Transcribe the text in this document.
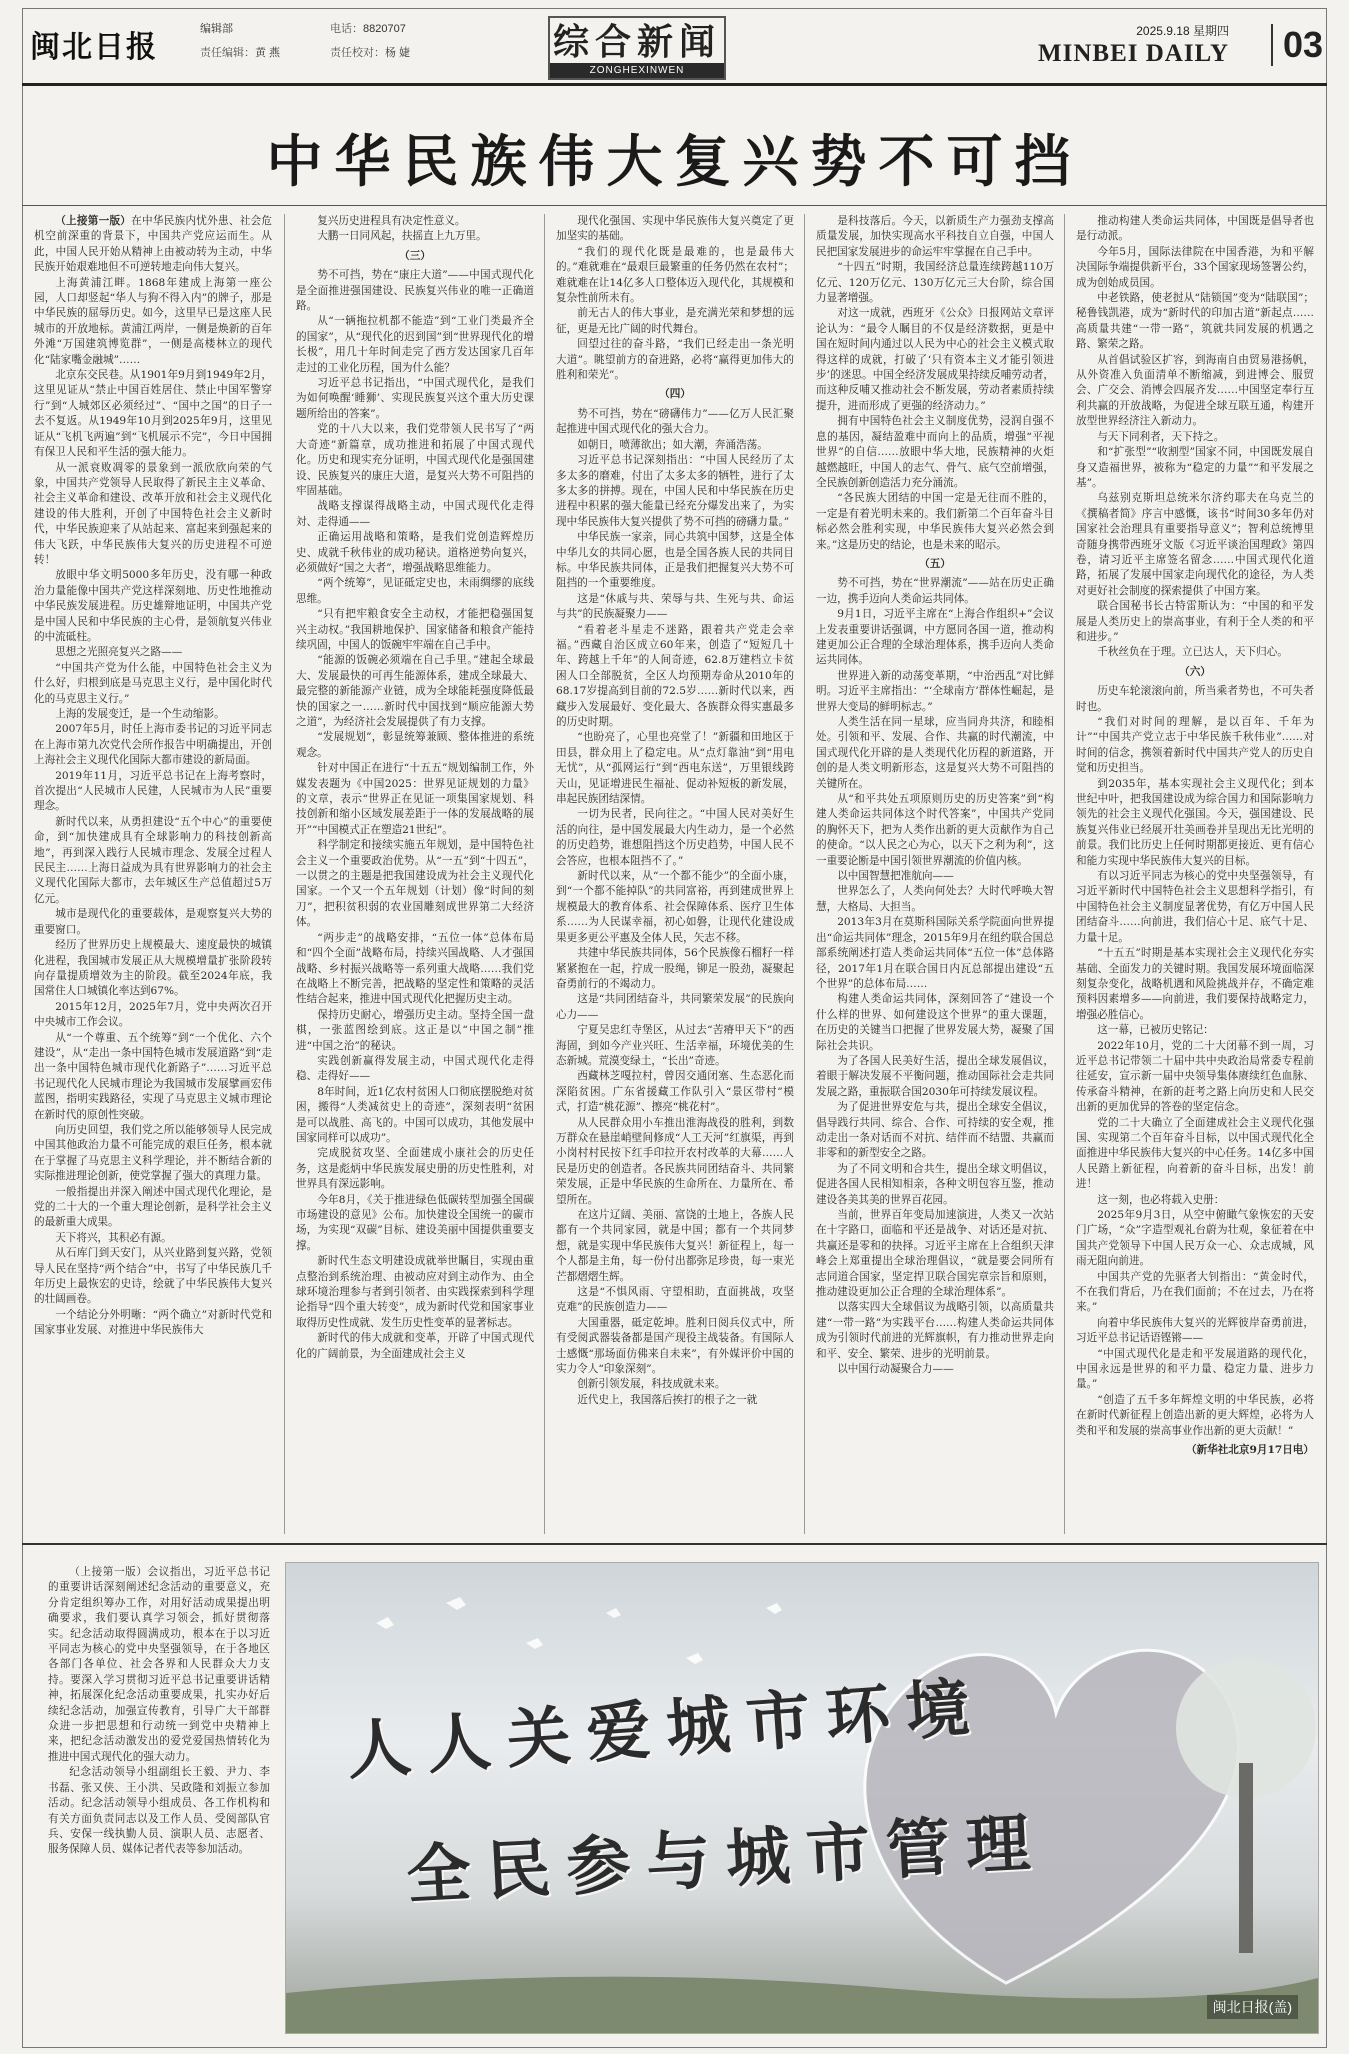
闽北日报
编辑部	电话：8820707
责任编辑：黄 燕	责任校对：杨 婕	综合新闻
ZONGHEXINWEN
2025.9.18 星期四
MINBEI DAILY	03
中华民族伟大复兴势不可挡

（上接第一版）在中华民族内忧外患、社会危机空前深重的背景下，中国共产党应运而生。从此，中国人民开始从精神上由被动转为主动，中华民族开始艰难地但不可逆转地走向伟大复兴。

上海黄浦江畔。1868年建成上海第一座公园，人口却竖起“华人与狗不得入内”的牌子，那是中华民族的屈辱历史。如今，这里早已是这座人民城市的开放地标。黄浦江两岸，一侧是焕新的百年外滩“万国建筑博览群”，一侧是高楼林立的现代化“陆家嘴金融城”……

北京东交民巷。从1901年9月到1949年2月，这里见证从“禁止中国百姓居住、禁止中国军警穿行”到“人城郊区必须经过”、“国中之国”的日子一去不复返。从1949年10月到2025年9月，这里见证从“飞机飞两遍”到“飞机展示不完”，今日中国拥有保卫人民和平生活的强大能力。

从一派衰败凋零的景象到一派欣欣向荣的气象，中国共产党领导人民取得了新民主主义革命、社会主义革命和建设、改革开放和社会主义现代化建设的伟大胜利，开创了中国特色社会主义新时代，中华民族迎来了从站起来、富起来到强起来的伟大飞跃，中华民族伟大复兴的历史进程不可逆转！

放眼中华文明5000多年历史，没有哪一种政治力量能像中国共产党这样深刻地、历史性地推动中华民族发展进程。历史雄辩地证明，中国共产党是中国人民和中华民族的主心骨，是领航复兴伟业的中流砥柱。

思想之光照亮复兴之路——

“中国共产党为什么能，中国特色社会主义为什么好，归根到底是马克思主义行，是中国化时代化的马克思主义行。”

上海的发展变迁，是一个生动缩影。

2007年5月，时任上海市委书记的习近平同志在上海市第九次党代会所作报告中明确提出，开创上海社会主义现代化国际大都市建设的新局面。

2019年11月，习近平总书记在上海考察时，首次提出“人民城市人民建，人民城市为人民”重要理念。

新时代以来，从勇担建设“五个中心”的重要使命，到“加快建成具有全球影响力的科技创新高地”，再到深入践行人民城市理念、发展全过程人民民主……上海日益成为具有世界影响力的社会主义现代化国际大都市，去年城区生产总值超过5万亿元。

城市是现代化的重要载体，是观察复兴大势的重要窗口。

经历了世界历史上规模最大、速度最快的城镇化进程，我国城市发展正从大规模增量扩张阶段转向存量提质增效为主的阶段。截至2024年底，我国常住人口城镇化率达到67%。

2015年12月，2025年7月，党中央两次召开中央城市工作会议。

从“一个尊重、五个统筹”到“一个优化、六个建设”，从“走出一条中国特色城市发展道路”到“走出一条中国特色城市现代化新路子”……习近平总书记现代化人民城市理论为我国城市发展擘画宏伟蓝图，指明实践路径，实现了马克思主义城市理论在新时代的原创性突破。

向历史回望，我们党之所以能够领导人民完成中国其他政治力量不可能完成的艰巨任务，根本就在于掌握了马克思主义科学理论，并不断结合新的实际推进理论创新，使党掌握了强大的真理力量。

一般指提出并深入阐述中国式现代化理论，是党的二十大的一个重大理论创新，是科学社会主义的最新重大成果。

天下将兴，其积必有源。

从石库门到天安门，从兴业路到复兴路，党领导人民在坚持“两个结合”中，书写了中华民族几千年历史上最恢宏的史诗，绘就了中华民族伟大复兴的壮阔画卷。

一个结论分外明晰：“两个确立”对新时代党和国家事业发展、对推进中华民族伟大

复兴历史进程具有决定性意义。

大鹏一日同风起，扶摇直上九万里。

（三）

势不可挡，势在“康庄大道”——中国式现代化是全面推进强国建设、民族复兴伟业的唯一正确道路。

从“一辆拖拉机都不能造”到“工业门类最齐全的国家”，从“现代化的迟到国”到“世界现代化的增长极”，用几十年时间走完了西方发达国家几百年走过的工业化历程，国为什么能？

习近平总书记指出，“中国式现代化，是我们为如何唤醒‘睡狮’、实现民族复兴这个重大历史课题所给出的答案”。

党的十八大以来，我们党带领人民书写了“两大奇迹”新篇章，成功推进和拓展了中国式现代化。历史和现实充分证明，中国式现代化是强国建设、民族复兴的康庄大道，是复兴大势不可阻挡的牢固基础。

战略支撑谋得战略主动，中国式现代化走得対、走得通——

正确运用战略和策略，是我们党创造辉煌历史、成就千秋伟业的成功秘诀。道格逆势向复兴，必须做好“国之大者”，增强战略思维能力。

“两个统筹”，见证砥定史也，未雨绸缪的底线思维。

“只有把牢粮食安全主动权，才能把稳强国复兴主动权。”我国耕地保护、国家储备和粮食产能持续巩固，中国人的饭碗牢牢端在自己手中。

“能源的饭碗必须端在自己手里。”建起全球最大、发展最快的可再生能源体系，建成全球最大、最完整的新能源产业链，成为全球能耗强度降低最快的国家之一……新时代中国找到“顺应能源大势之道”，为经济社会发展提供了有力支撑。

“发展规划”，彰显统筹兼顾、整体推进的系统观念。

针对中国正在进行“十五五”规划编制工作，外媒发表题为《中国2025：世界见证规划的力量》的文章，表示“世界正在见证一项集国家规划、科技创新和缩小区域发展差距于一体的发展战略的展开”“中国模式正在塑造21世纪”。

科学制定和接续实施五年规划，是中国特色社会主义一个重要政治优势。从“一五”到“十四五”，一以贯之的主题是把我国建设成为社会主义现代化国家。一个又一个五年规划（计划）像“时间的刻刀”，把积贫积弱的农业国雕刻成世界第二大经济体。

“两步走”的战略安排，“五位一体”总体布局和“四个全面”战略布局，持续兴国战略、人才强国战略、乡村振兴战略等一系列重大战略……我们党在战略上不断完善，把战略的坚定性和策略的灵活性结合起来，推进中国式现代化把握历史主动。

保持历史耐心，增强历史主动。坚持全国一盘棋，一张蓝图绘到底。这正是以“中国之制”推进“中国之治”的秘诀。

实践创新赢得发展主动，中国式现代化走得稳、走得好——

8年时间，近1亿农村贫困人口彻底摆脱绝对贫困，搬得“人类减贫史上的奇迹”，深刻表明“贫困是可以战胜、高飞的。中国可以成功，其他发展中国家同样可以成功”。

完成脱贫攻坚、全面建成小康社会的历史任务，这是彪炳中华民族发展史册的历史性胜利，对世界具有深远影响。

今年8月，《关于推进绿色低碳转型加强全国碳市场建设的意见》公布。加快建设全国统一的碳市场，为实现“双碳”目标、建设美丽中国提供重要支撑。

新时代生态文明建设成就举世瞩目，实现由重点整治到系统治理、由被动应对到主动作为、由全球环境治理参与者到引领者、由实践探索到科学理论指导“四个重大转变”，成为新时代党和国家事业取得历史性成就、发生历史性变革的显著标志。

新时代的伟大成就和变革，开辟了中国式现代化的广阔前景，为全面建成社会主义

现代化强国、实现中华民族伟大复兴奠定了更加坚实的基础。

“我们的现代化既是最难的，也是最伟大的。”难就难在“最艰巨最繁重的任务仍然在农村”；难就难在让14亿多人口整体迈入现代化，其规模和复杂性前所未有。

前无古人的伟大事业，是充满光荣和梦想的远征，更是无比广阔的时代舞台。

回望过往的奋斗路，“我们已经走出一条光明大道”。眺望前方的奋进路，必将“赢得更加伟大的胜利和荣光”。

（四）

势不可挡，势在“磅礴伟力”——亿万人民汇聚起推进中国式现代化的强大合力。

如朝日，喷薄欲出；如大潮，奔涌浩荡。

习近平总书记深刻指出：“中国人民经历了太多太多的磨难，付出了太多太多的牺牲，进行了太多太多的拼搏。现在，中国人民和中华民族在历史进程中积累的强大能量已经充分爆发出来了，为实现中华民族伟大复兴提供了势不可挡的磅礴力量。”

中华民族一家亲，同心共筑中国梦，这是全体中华儿女的共同心愿，也是全国各族人民的共同目标。中华民族共同体，正是我们把握复兴大势不可阻挡的一个重要维度。

这是“休戚与共、荣辱与共、生死与共、命运与共”的民族凝聚力——

“看着老斗星走不迷路，跟着共产党走会幸福。”西藏自治区成立60年来，创造了“短短几十年、跨越上千年”的人间奇迹，62.8万建档立卡贫困人口全部脱贫，全区人均预期寿命从2010年的68.17岁提高到目前的72.5岁……新时代以来，西藏步入发展最好、变化最大、各族群众得实惠最多的历史时期。

“也盼亮了，心里也亮堂了！”新疆和田地区于田县，群众用上了稳定电。从“点灯靠油”到“用电无忧”，从“孤网运行”到“西电东送”，万里银线跨天山，见证增进民生福祉、促动补短板的新发展，串起民族团结深情。

一切为民者，民向往之。“中国人民对美好生活的向往，是中国发展最大内生动力，是一个必然的历史趋势，谁想阻挡这个历史趋势，中国人民不会答应，也根本阻挡不了。”

新时代以来，从“一个都不能少”的全面小康，到“一个都不能掉队”的共同富裕，再到建成世界上规模最大的教育体系、社会保障体系、医疗卫生体系……为人民谋幸福，初心如磐，让现代化建设成果更多更公平惠及全体人民，矢志不移。

共建中华民族共同体，56个民族像石榴籽一样紧紧抱在一起，拧成一股绳，铆足一股劲，凝聚起奋勇前行的不竭动力。

这是“共同团结奋斗，共同繁荣发展”的民族向心力——

宁夏吴忠红寺堡区，从过去“苦瘠甲天下”的西海固，到如今产业兴旺、生活幸福，环境优美的生态新城。荒漠变绿土，“长出”奇迹。

西藏林芝嘎拉村，曾因交通闭塞、生态恶化而深陷贫困。广东省援藏工作队引入“景区带村”模式，打造“桃花源”、擦亮“桃花村”。

从人民群众用小车推出淮海战役的胜利，到数万群众在悬崖峭壁间修成“人工天河”红旗渠，再到小岗村村民按下红手印拉开农村改革的大幕……人民是历史的创造者。各民族共同团结奋斗、共同繁荣发展，正是中华民族的生命所在、力量所在、希望所在。

在这片辽阔、美丽、富饶的土地上，各族人民都有一个共同家园，就是中国；都有一个共同梦想，就是实现中华民族伟大复兴！新征程上，每一个人都是主角，每一份付出都弥足珍贵，每一束光芒都熠熠生辉。

这是“不惧风雨、守望相助，直面挑战，攻坚克难”的民族创造力——

大国重器，砥定乾坤。胜利日阅兵仪式中，所有受阅武器装备都是国产现役主战装备。有国际人士感慨“那场面仿佛来自未来”，有外媒评价中国的实力令人“印象深刻”。

创新引领发展，科技成就未来。

近代史上，我国落后挨打的根子之一就

是科技落后。今天，以新质生产力强劲支撑高质量发展，加快实现高水平科技自立自强，中国人民把国家发展进步的命运牢牢掌握在自己手中。

“十四五”时期，我国经济总量连续跨越110万亿元、120万亿元、130万亿元三大台阶，综合国力显著增强。

对这一成就，西班牙《公众》日报网站文章评论认为：“最令人瞩目的不仅是经济数据，更是中国在短时间内通过以人民为中心的社会主义模式取得这样的成就，打破了‘只有资本主义才能引领进步’的迷思。中国全经济发展成果持续反哺劳动者，而这种反哺又推动社会不断发展，劳动者素质持续提升，进而形成了更强的经济动力。”

拥有中国特色社会主义制度优势，浸润自强不息的基因，凝结盈难中而向上的品质，增强“平视世界”的自信……放眼中华大地，民族精神的火炬越燃越旺，中国人的志气、骨气、底气空前增强，全民族创新创造活力充分涌流。

“各民族大团结的中国一定是无往而不胜的，一定是有着光明未来的。我们新第二个百年奋斗目标必然会胜利实现，中华民族伟大复兴必然会到来。”这是历史的结论，也是未来的昭示。

（五）

势不可挡，势在“世界潮流”——站在历史正确一边，携手迈向人类命运共同体。

9月1日，习近平主席在“上海合作组织+”会议上发表重要讲话强调，中方愿同各国一道，推动构建更加公正合理的全球治理体系，携手迈向人类命运共同体。

世界进入新的动荡变革期，“中治西乱”对比鲜明。习近平主席指出：“‘全球南方’群体性崛起，是世界大变局的鲜明标志。”

人类生活在同一星球，应当同舟共济，和睦相处。引领和平、发展、合作、共赢的时代潮流，中国式现代化开辟的是人类现代化历程的新道路，开创的是人类文明新形态，这是复兴大势不可阻挡的关键所在。

从“和平共处五项原则历史的历史答案”到“构建人类命运共同体这个时代答案”，中国共产党同的胸怀天下，把为人类作出新的更大贡献作为自己的使命。“以人民之心为心，以天下之利为利”，这一重要论断是中国引领世界潮流的价值内核。

以中国智慧把准航向——

世界怎么了，人类向何处去？大时代呼唤大智慧，大格局、大担当。

2013年3月在莫斯科国际关系学院面向世界提出“命运共同体”理念，2015年9月在纽约联合国总部系统阐述打造人类命运共同体“五位一体”总体路径，2017年1月在联合国日内瓦总部提出建设“五个世界”的总体布局……

构建人类命运共同体，深刻回答了“建设一个什么样的世界、如何建设这个世界”的重大课题，在历史的关键当口把握了世界发展大势，凝聚了国际社会共识。

为了各国人民美好生活，提出全球发展倡议，着眼于解决发展不平衡问题，推动国际社会走共同发展之路，重振联合国2030年可持续发展议程。

为了促进世界安危与共，提出全球安全倡议，倡导践行共同、综合、合作、可持续的安全观，推动走出一条对话而不对抗、结伴而不结盟、共赢而非零和的新型安全之路。

为了不同文明和合共生，提出全球文明倡议，促进各国人民相知相亲，各种文明包容互鉴，推动建设各美其美的世界百花园。

当前，世界百年变局加速演进，人类又一次站在十字路口，面临和平还是战争、对话还是对抗、共赢还是零和的抉择。习近平主席在上合组织天津峰会上郑重提出全球治理倡议，“就是要会同所有志同道合国家，坚定捍卫联合国宪章宗旨和原则，推动建设更加公正合理的全球治理体系”。

以落实四大全球倡议为战略引领，以高质量共建“一带一路”为实践平台……构建人类命运共同体成为引领时代前进的光辉旗帜，有力推动世界走向和平、安全、繁荣、进步的光明前景。

以中国行动凝聚合力——

推动构建人类命运共同体，中国既是倡导者也是行动派。

今年5月，国际法律院在中国香港，为和平解决国际争端提供新平台，33个国家现场签署公约，成为创始成员国。

中老铁路，使老挝从“陆锁国”变为“陆联国”；秘鲁钱凯港，成为“新时代的印加古道”新起点……高质量共建“一带一路”，筑就共同发展的机遇之路、繁荣之路。

从首倡试验区扩容，到海南自由贸易港扬帆，从外资准入负面清单不断缩减，到进博会、服贸会、广交会、消博会四展齐发……中国坚定奉行互利共赢的开放战略，为促进全球互联互通，构建开放型世界经济注入新动力。

与天下同利者，天下持之。

和“扩张型”“收割型”国家不同，中国既发展自身又造福世界，被称为“稳定的力量”“和平发展之基”。

乌兹别克斯坦总统米尔济约耶夫在乌克兰的《撰稿者简》序言中感慨，该书“时间30多年仍对国家社会治理具有重要指导意义”；智利总统博里奇随身携带西班牙文版《习近平谈治国理政》第四卷，请习近平主席签名留念……中国式现代化道路，拓展了发展中国家走向现代化的途径，为人类对更好社会制度的探索提供了中国方案。

联合国秘书长古特雷斯认为：“中国的和平发展是人类历史上的崇高事业，有利于全人类的和平和进步。”

千秋丝负在于理。立已达人，天下归心。

（六）

历史车轮滚滚向前，所当乘者势也，不可失者时也。

“我们对时间的理解，是以百年、千年为计”“中国共产党立志于中华民族千秋伟业”……对时间的信念，携领着新时代中国共产党人的历史自觉和历史担当。

到2035年，基本实现社会主义现代化；到本世纪中叶，把我国建设成为综合国力和国际影响力领先的社会主义现代化强国。今天，强国建设、民族复兴伟业已经展开壮美画卷并呈现出无比光明的前景。我们比历史上任何时期都更接近、更有信心和能力实现中华民族伟大复兴的目标。

有以习近平同志为核心的党中央坚强领导，有习近平新时代中国特色社会主义思想科学指引，有中国特色社会主义制度显著优势，有亿万中国人民团结奋斗……向前进，我们信心十足、底气十足、力量十足。

“十五五”时期是基本实现社会主义现代化夯实基础、全面发力的关键时期。我国发展环境面临深刻复杂变化，战略机遇和风险挑战并存，不确定难预料因素增多——向前进，我们要保持战略定力，增强必胜信心。

这一幕，已被历史铭记：

2022年10月，党的二十大闭幕不到一周，习近平总书记带领二十届中共中央政治局常委专程前往延安，宣示新一届中央领导集体赓续红色血脉、传承奋斗精神，在新的赶考之路上向历史和人民交出新的更加优异的答卷的坚定信念。

党的二十大确立了全面建成社会主义现代化强国、实现第二个百年奋斗目标，以中国式现代化全面推进中华民族伟大复兴的中心任务。14亿多中国人民踏上新征程，向着新的奋斗目标，出发！前进！

这一刻，也必将载入史册：

2025年9月3日，从空中俯瞰气象恢宏的天安门广场，“众”字造型观礼台蔚为壮观，象征着在中国共产党领导下中国人民万众一心、众志成城，风雨无阻向前进。

中国共产党的先驱者大钊指出：“黄金时代，不在我们背后，乃在我们面前；不在过去，乃在将来。”

向着中华民族伟大复兴的光辉彼岸奋勇前进，习近平总书记话语铿锵——

“中国式现代化是走和平发展道路的现代化，中国永远是世界的和平力量、稳定力量、进步力量。”

“创造了五千多年辉煌文明的中华民族，必将在新时代新征程上创造出新的更大辉煌，必将为人类和平和发展的崇高事业作出新的更大贡献！”

（新华社北京9月17日电）

（上接第一版）会议指出，习近平总书记的重要讲话深刻阐述纪念活动的重要意义，充分肯定组织筹办工作，对用好活动成果提出明确要求，我们要认真学习领会，抓好贯彻落实。纪念活动取得圆满成功，根本在于以习近平同志为核心的党中央坚强领导，在于各地区各部门各单位、社会各界和人民群众大力支持。要深入学习贯彻习近平总书记重要讲话精神，拓展深化纪念活动重要成果，扎实办好后续纪念活动，加强宣传教育，引导广大干部群众进一步把思想和行动统一到党中央精神上来，把纪念活动激发出的爱党爱国热情转化为推进中国式现代化的强大动力。

纪念活动领导小组副组长王毅、尹力、李书磊、张又侠、王小洪、吴政隆和刘振立参加活动。纪念活动领导小组成员、各工作机构和有关方面负责同志以及工作人员、受阅部队官兵、安保一线执勤人员、演职人员、志愿者、服务保障人员、媒体记者代表等参加活动。

人人关爱城市环境
全民参与城市管理
闽北日报(盖)
